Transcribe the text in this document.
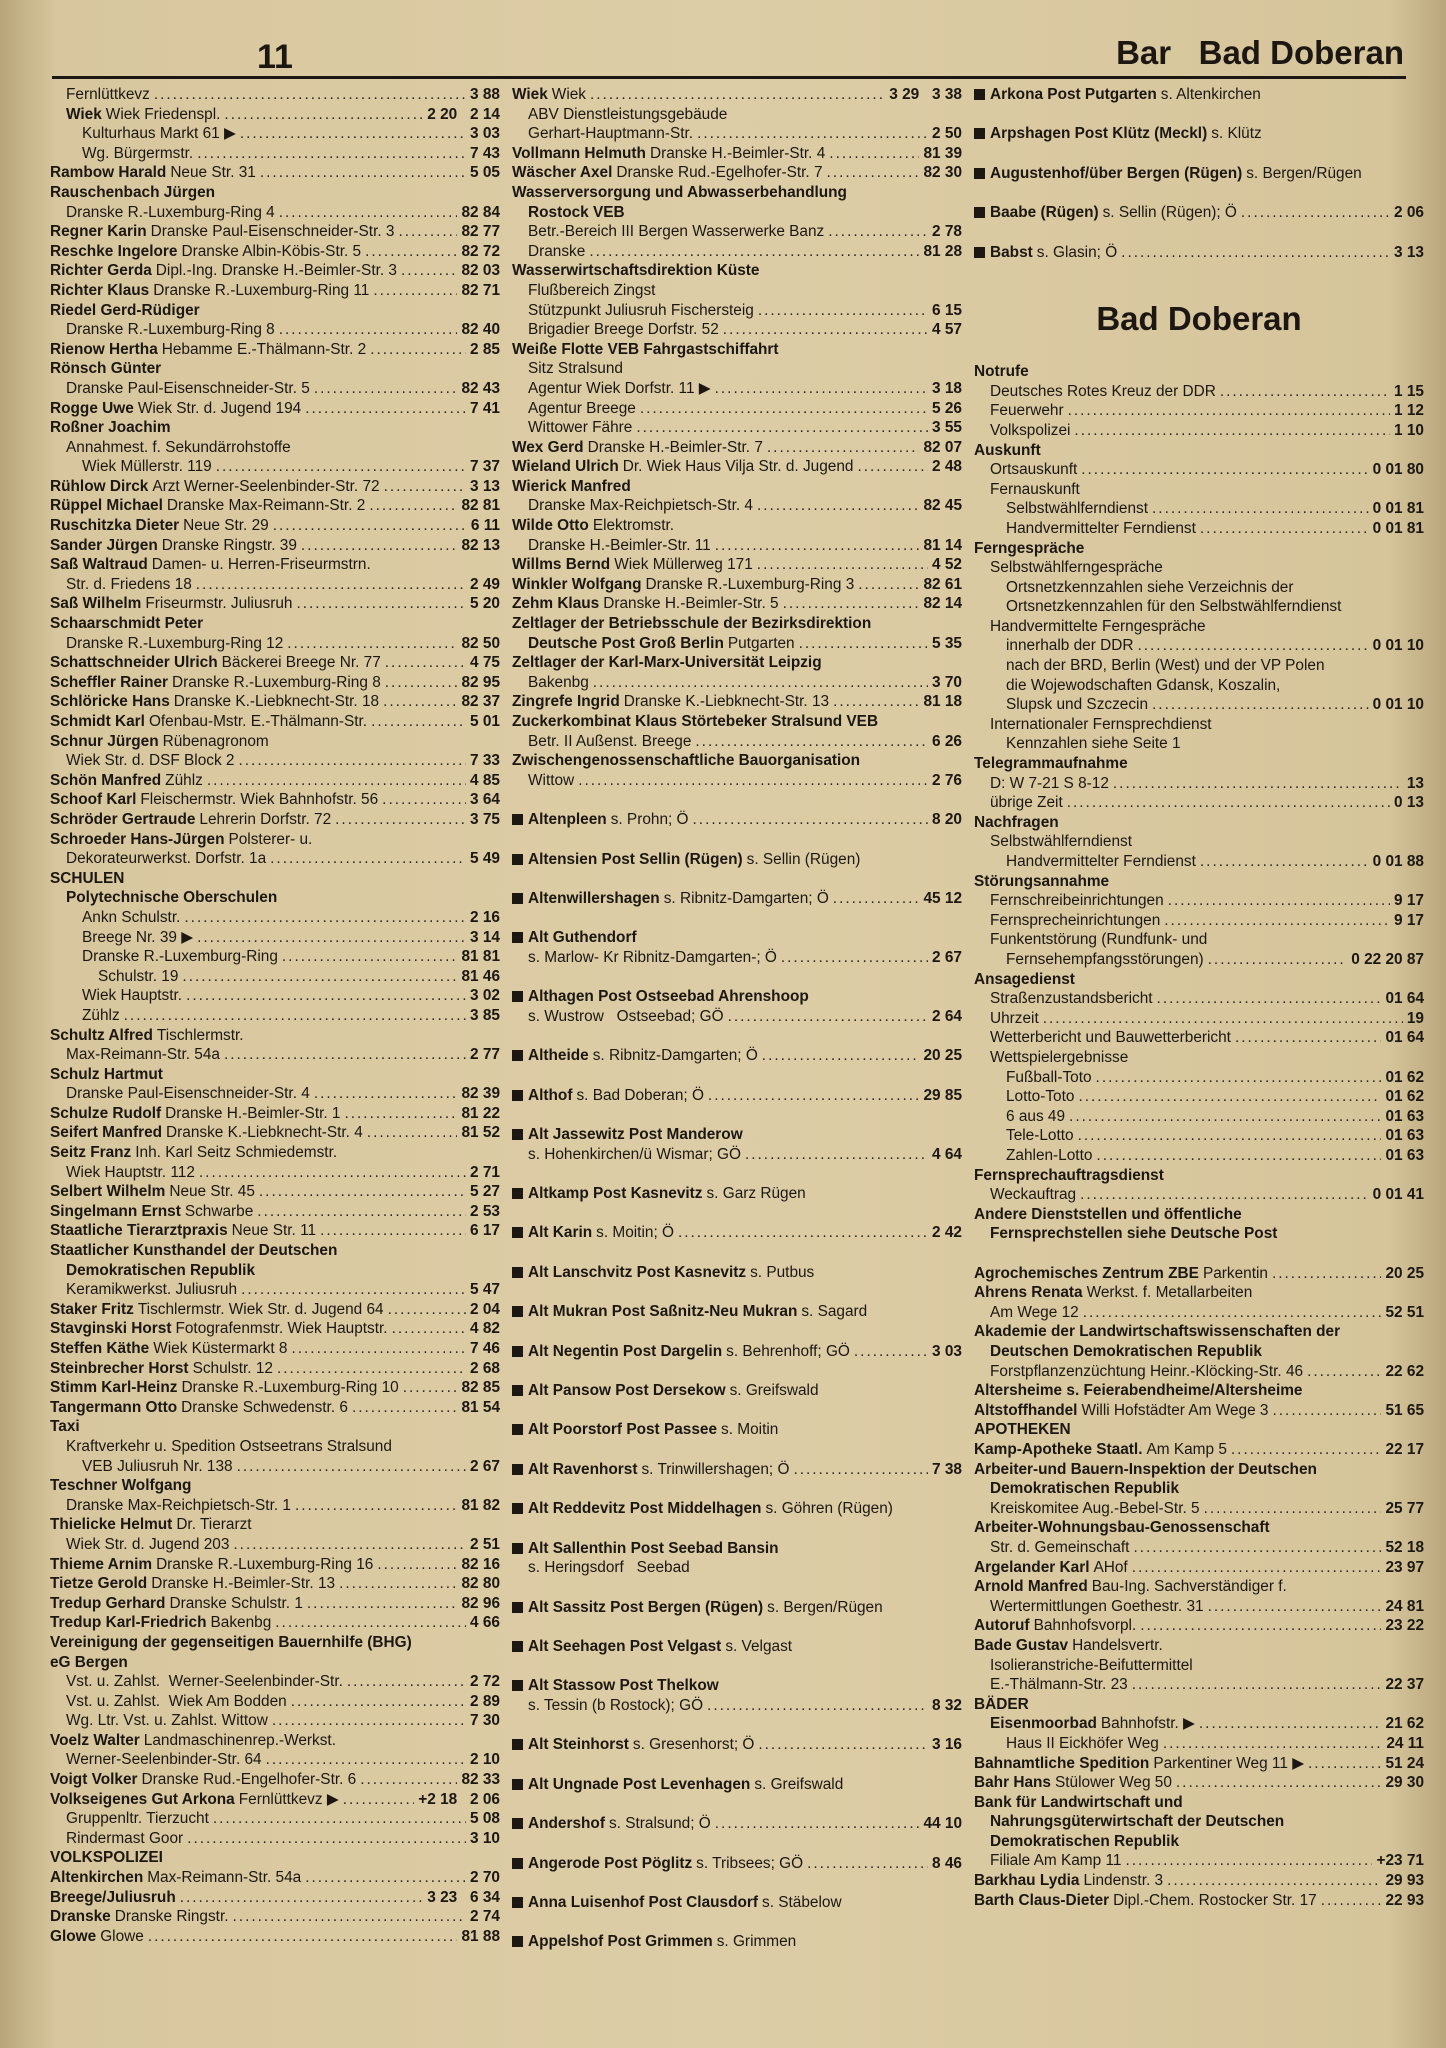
11	Bar   Bad Doberan
Fernlüttkevz .....	3 88
Wiek Wiek Friedenspl. .....	2 20   2 14
Kulturhaus Markt 61 ▶ .....	3 03
Wg. Bürgermstr. .....	7 43
Rambow Harald Neue Str. 31 .....	5 05
Rauschenbach Jürgen
Dranske R.-Luxemburg-Ring 4 .....	82 84
Regner Karin Dranske Paul-Eisenschneider-Str. 3 .....	82 77
Reschke Ingelore Dranske Albin-Köbis-Str. 5 .....	82 72
Richter Gerda Dipl.-Ing. Dranske H.-Beimler-Str. 3 .....	82 03
Richter Klaus Dranske R.-Luxemburg-Ring 11 .....	82 71
Riedel Gerd-Rüdiger
Dranske R.-Luxemburg-Ring 8 .....	82 40
Rienow Hertha Hebamme E.-Thälmann-Str. 2 .....	2 85
Rönsch Günter
Dranske Paul-Eisenschneider-Str. 5 .....	82 43
Rogge Uwe Wiek Str. d. Jugend 194 .....	7 41
Roßner Joachim
Annahmest. f. Sekundärrohstoffe
Wiek Müllerstr. 119 .....	7 37
Rühlow Dirck Arzt Werner-Seelenbinder-Str. 72 .....	3 13
Rüppel Michael Dranske Max-Reimann-Str. 2 .....	82 81
Ruschitzka Dieter Neue Str. 29 .....	6 11
Sander Jürgen Dranske Ringstr. 39 .....	82 13
Saß Waltraud Damen- u. Herren-Friseurmstrn.
Str. d. Friedens 18 .....	2 49
Saß Wilhelm Friseurmstr. Juliusruh .....	5 20
Schaarschmidt Peter
Dranske R.-Luxemburg-Ring 12 .....	82 50
Schattschneider Ulrich Bäckerei Breege Nr. 77 .....	4 75
Scheffler Rainer Dranske R.-Luxemburg-Ring 8 .....	82 95
Schlöricke Hans Dranske K.-Liebknecht-Str. 18 .....	82 37
Schmidt Karl Ofenbau-Mstr. E.-Thälmann-Str. .....	5 01
Schnur Jürgen Rübenagronom
Wiek Str. d. DSF Block 2 .....	7 33
Schön Manfred Zühlz .....	4 85
Schoof Karl Fleischermstr. Wiek Bahnhofstr. 56 .....	3 64
Schröder Gertraude Lehrerin Dorfstr. 72 .....	3 75
Schroeder Hans-Jürgen Polsterer- u.
Dekorateurwerkst. Dorfstr. 1a .....	5 49
SCHULEN
Polytechnische Oberschulen
Ankn Schulstr. .....	2 16
Breege Nr. 39 ▶ .....	3 14
Dranske R.-Luxemburg-Ring .....	81 81
Schulstr. 19 .....	81 46
Wiek Hauptstr. .....	3 02
Zühlz .....	3 85
Schultz Alfred Tischlermstr.
Max-Reimann-Str. 54a .....	2 77
Schulz Hartmut
Dranske Paul-Eisenschneider-Str. 4 .....	82 39
Schulze Rudolf Dranske H.-Beimler-Str. 1 .....	81 22
Seifert Manfred Dranske K.-Liebknecht-Str. 4 .....	81 52
Seitz Franz Inh. Karl Seitz Schmiedemstr.
Wiek Hauptstr. 112 .....	2 71
Selbert Wilhelm Neue Str. 45 .....	5 27
Singelmann Ernst Schwarbe .....	2 53
Staatliche Tierarztpraxis Neue Str. 11 .....	6 17
Staatlicher Kunsthandel der Deutschen
Demokratischen Republik
Keramikwerkst. Juliusruh .....	5 47
Staker Fritz Tischlermstr. Wiek Str. d. Jugend 64 .....	2 04
Stavginski Horst Fotografenmstr. Wiek Hauptstr. .....	4 82
Steffen Käthe Wiek Küstermarkt 8 .....	7 46
Steinbrecher Horst Schulstr. 12 .....	2 68
Stimm Karl-Heinz Dranske R.-Luxemburg-Ring 10 .....	82 85
Tangermann Otto Dranske Schwedenstr. 6 .....	81 54
Taxi
Kraftverkehr u. Spedition Ostseetrans Stralsund
VEB Juliusruh Nr. 138 .....	2 67
Teschner Wolfgang
Dranske Max-Reichpietsch-Str. 1 .....	81 82
Thielicke Helmut Dr. Tierarzt
Wiek Str. d. Jugend 203 .....	2 51
Thieme Arnim Dranske R.-Luxemburg-Ring 16 .....	82 16
Tietze Gerold Dranske H.-Beimler-Str. 13 .....	82 80
Tredup Gerhard Dranske Schulstr. 1 .....	82 96
Tredup Karl-Friedrich Bakenbg .....	4 66
Vereinigung der gegenseitigen Bauernhilfe (BHG)
eG Bergen
Vst. u. Zahlst.  Werner-Seelenbinder-Str. .....	2 72
Vst. u. Zahlst.  Wiek Am Bodden .....	2 89
Wg. Ltr. Vst. u. Zahlst. Wittow .....	7 30
Voelz Walter Landmaschinenrep.-Werkst.
Werner-Seelenbinder-Str. 64 .....	2 10
Voigt Volker Dranske Rud.-Engelhofer-Str. 6 .....	82 33
Volkseigenes Gut Arkona Fernlüttkevz ▶ .....	+2 18   2 06
Gruppenltr. Tierzucht .....	5 08
Rindermast Goor .....	3 10
VOLKSPOLIZEI
Altenkirchen Max-Reimann-Str. 54a .....	2 70
Breege/Juliusruh .....	3 23   6 34
Dranske Dranske Ringstr. .....	2 74
Glowe Glowe .....	81 88
Wiek Wiek .....	3 29   3 38
ABV Dienstleistungsgebäude
Gerhart-Hauptmann-Str. .....	2 50
Vollmann Helmuth Dranske H.-Beimler-Str. 4 .....	81 39
Wäscher Axel Dranske Rud.-Egelhofer-Str. 7 .....	82 30
Wasserversorgung und Abwasserbehandlung
Rostock VEB
Betr.-Bereich III Bergen Wasserwerke Banz .....	2 78
Dranske .....	81 28
Wasserwirtschaftsdirektion Küste
Flußbereich Zingst
Stützpunkt Juliusruh Fischersteig .....	6 15
Brigadier Breege Dorfstr. 52 .....	4 57
Weiße Flotte VEB Fahrgastschiffahrt
Sitz Stralsund
Agentur Wiek Dorfstr. 11 ▶ .....	3 18
Agentur Breege .....	5 26
Wittower Fähre .....	3 55
Wex Gerd Dranske H.-Beimler-Str. 7 .....	82 07
Wieland Ulrich Dr. Wiek Haus Vilja Str. d. Jugend .....	2 48
Wierick Manfred
Dranske Max-Reichpietsch-Str. 4 .....	82 45
Wilde Otto Elektromstr.
Dranske H.-Beimler-Str. 11 .....	81 14
Willms Bernd Wiek Müllerweg 171 .....	4 52
Winkler Wolfgang Dranske R.-Luxemburg-Ring 3 .....	82 61
Zehm Klaus Dranske H.-Beimler-Str. 5 .....	82 14
Zeltlager der Betriebsschule der Bezirksdirektion
Deutsche Post Groß Berlin Putgarten .....	5 35
Zeltlager der Karl-Marx-Universität Leipzig
Bakenbg .....	3 70
Zingrefe Ingrid Dranske K.-Liebknecht-Str. 13 .....	81 18
Zuckerkombinat Klaus Störtebeker Stralsund VEB
Betr. II Außenst. Breege .....	6 26
Zwischengenossenschaftliche Bauorganisation
Wittow .....	2 76
Altenpleen s. Prohn; Ö .....	8 20
Altensien Post Sellin (Rügen) s. Sellin (Rügen)
Altenwillershagen s. Ribnitz-Damgarten; Ö .....	45 12
Alt Guthendorf
s. Marlow- Kr Ribnitz-Damgarten-; Ö .....	2 67
Althagen Post Ostseebad Ahrenshoop
s. Wustrow   Ostseebad; GÖ .....	2 64
Altheide s. Ribnitz-Damgarten; Ö .....	20 25
Althof s. Bad Doberan; Ö .....	29 85
Alt Jassewitz Post Manderow
s. Hohenkirchen/ü Wismar; GÖ .....	4 64
Altkamp Post Kasnevitz s. Garz Rügen
Alt Karin s. Moitin; Ö .....	2 42
Alt Lanschvitz Post Kasnevitz s. Putbus
Alt Mukran Post Saßnitz-Neu Mukran s. Sagard
Alt Negentin Post Dargelin s. Behrenhoff; GÖ .....	3 03
Alt Pansow Post Dersekow s. Greifswald
Alt Poorstorf Post Passee s. Moitin
Alt Ravenhorst s. Trinwillershagen; Ö .....	7 38
Alt Reddevitz Post Middelhagen s. Göhren (Rügen)
Alt Sallenthin Post Seebad Bansin
s. Heringsdorf   Seebad
Alt Sassitz Post Bergen (Rügen) s. Bergen/Rügen
Alt Seehagen Post Velgast s. Velgast
Alt Stassow Post Thelkow
s. Tessin (b Rostock); GÖ .....	8 32
Alt Steinhorst s. Gresenhorst; Ö .....	3 16
Alt Ungnade Post Levenhagen s. Greifswald
Andershof s. Stralsund; Ö .....	44 10
Angerode Post Pöglitz s. Tribsees; GÖ .....	8 46
Anna Luisenhof Post Clausdorf s. Stäbelow
Appelshof Post Grimmen s. Grimmen
Arkona Post Putgarten s. Altenkirchen
Arpshagen Post Klütz (Meckl) s. Klütz
Augustenhof/über Bergen (Rügen) s. Bergen/Rügen
Baabe (Rügen) s. Sellin (Rügen); Ö .....	2 06
Babst s. Glasin; Ö .....	3 13
Bad Doberan
Notrufe
Deutsches Rotes Kreuz der DDR .....	1 15
Feuerwehr .....	1 12
Volkspolizei .....	1 10
Auskunft
Ortsauskunft .....	0 01 80
Fernauskunft
Selbstwählferndienst .....	0 01 81
Handvermittelter Ferndienst .....	0 01 81
Ferngespräche
Selbstwählferngespräche
Ortsnetzkennzahlen siehe Verzeichnis der
Ortsnetzkennzahlen für den Selbstwählferndienst
Handvermittelte Ferngespräche
innerhalb der DDR .....	0 01 10
nach der BRD, Berlin (West) und der VP Polen
die Wojewodschaften Gdansk, Koszalin,
Slupsk und Szczecin .....	0 01 10
Internationaler Fernsprechdienst
Kennzahlen siehe Seite 1
Telegrammaufnahme
D: W 7-21 S 8-12 .....	13
übrige Zeit .....	0 13
Nachfragen
Selbstwählferndienst
Handvermittelter Ferndienst .....	0 01 88
Störungsannahme
Fernschreibeinrichtungen .....	9 17
Fernsprecheinrichtungen .....	9 17
Funkentstörung (Rundfunk- und
Fernsehempfangsstörungen) .....	0 22 20 87
Ansagedienst
Straßenzustandsbericht .....	01 64
Uhrzeit .....	19
Wetterbericht und Bauwetterbericht .....	01 64
Wettspielergebnisse
Fußball-Toto .....	01 62
Lotto-Toto .....	01 62
6 aus 49 .....	01 63
Tele-Lotto .....	01 63
Zahlen-Lotto .....	01 63
Fernsprechauftragsdienst
Weckauftrag .....	0 01 41
Andere Dienststellen und öffentliche
Fernsprechstellen siehe Deutsche Post
Agrochemisches Zentrum ZBE Parkentin .....	20 25
Ahrens Renata Werkst. f. Metallarbeiten
Am Wege 12 .....	52 51
Akademie der Landwirtschaftswissenschaften der
Deutschen Demokratischen Republik
Forstpflanzenzüchtung Heinr.-Klöcking-Str. 46 .....	22 62
Altersheime s. Feierabendheime/Altersheime
Altstoffhandel Willi Hofstädter Am Wege 3 .....	51 65
APOTHEKEN
Kamp-Apotheke Staatl. Am Kamp 5 .....	22 17
Arbeiter-und Bauern-Inspektion der Deutschen
Demokratischen Republik
Kreiskomitee Aug.-Bebel-Str. 5 .....	25 77
Arbeiter-Wohnungsbau-Genossenschaft
Str. d. Gemeinschaft .....	52 18
Argelander Karl AHof .....	23 97
Arnold Manfred Bau-Ing. Sachverständiger f.
Wertermittlungen Goethestr. 31 .....	24 81
Autoruf Bahnhofsvorpl. .....	23 22
Bade Gustav Handelsvertr.
Isolieranstriche-Beifuttermittel
E.-Thälmann-Str. 23 .....	22 37
BÄDER
Eisenmoorbad Bahnhofstr. ▶ .....	21 62
Haus II Eickhöfer Weg .....	24 11
Bahnamtliche Spedition Parkentiner Weg 11 ▶ .....	51 24
Bahr Hans Stülower Weg 50 .....	29 30
Bank für Landwirtschaft und
Nahrungsgüterwirtschaft der Deutschen
Demokratischen Republik
Filiale Am Kamp 11 .....	+23 71
Barkhau Lydia Lindenstr. 3 .....	29 93
Barth Claus-Dieter Dipl.-Chem. Rostocker Str. 17 .....	22 93
